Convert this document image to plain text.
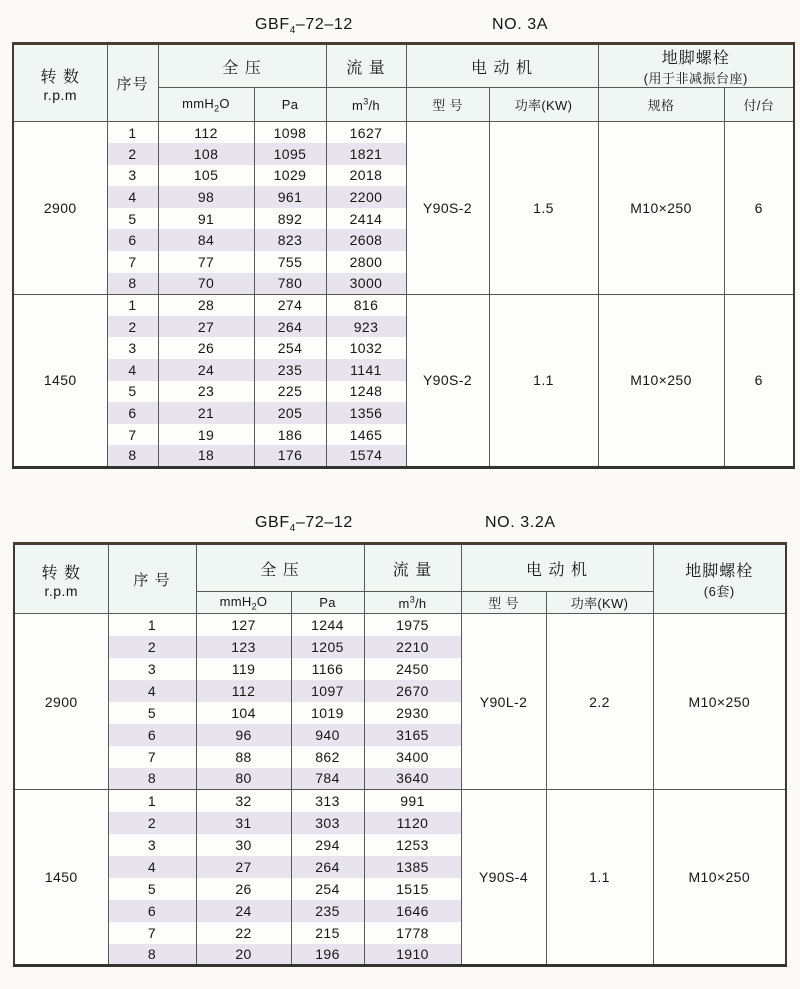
$GBF_4-72-12$	NO. 3A
转 数
r.p.m	序号	全 压		流 量	电 动 机		地脚螺栓
(用于非减振台座)	

		mmH$_2$O	Pa	$m^3/h$	型 号	功率(KW)	规格	付/台
2900	1	112	1098	1627	Y90S-2	1.5	M10×250	6
	2	108	1095	1821				
	3	105	1029	2018				
	4	98	961	2200				
	5	91	892	2414				
	6	84	823	2608				
	7	77	755	2800				
	8	70	780	3000				
1450	1	28	274	816	Y90S-2	1.1	M10×250	6
	2	27	264	923				
	3	26	254	1032				
	4	24	235	1141				
	5	23	225	1248				
	6	21	205	1356				
	7	19	186	1465				
	8	18	176	1574				
$GBF_4-72-12$	NO. 3.2A
转 数
r.p.m	序 号	全 压		流 量	电 动 机		地脚螺栓
(6套)

		mmH$_2$O	Pa	$m^3/h$	型 号	功率(KW)	
2900	1	127	1244	1975	Y90L-2	2.2	M10×250
	2	123	1205	2210			
	3	119	1166	2450			
	4	112	1097	2670			
	5	104	1019	2930			
	6	96	940	3165			
	7	88	862	3400			
	8	80	784	3640			
1450	1	32	313	991	Y90S-4	1.1	M10×250
	2	31	303	1120			
	3	30	294	1253			
	4	27	264	1385			
	5	26	254	1515			
	6	24	235	1646			
	7	22	215	1778			
	8	20	196	1910			
